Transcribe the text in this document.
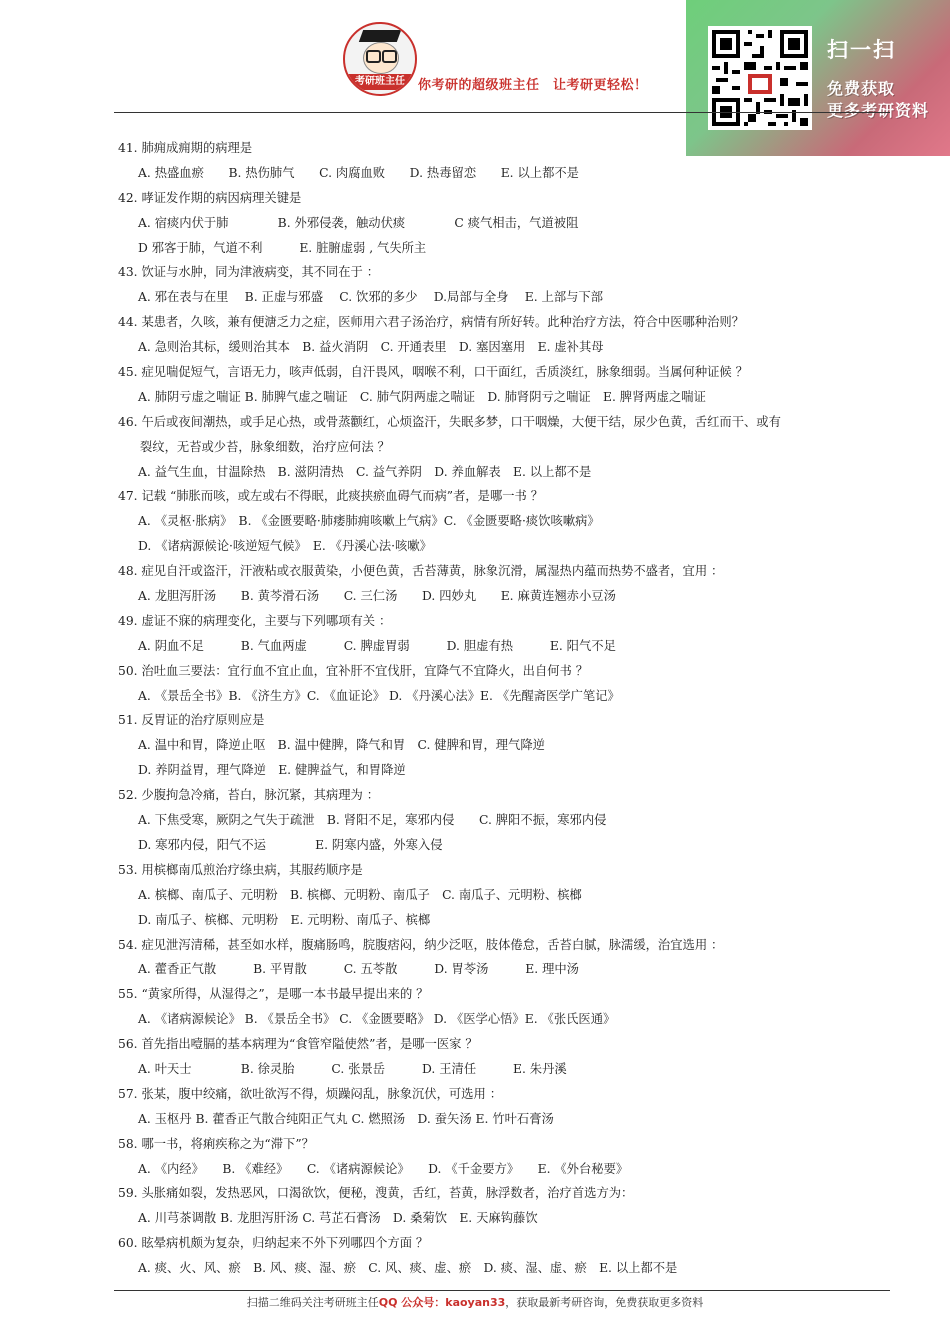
考研班主任	你考研的超级班主任　让考研更轻松！
扫一扫
免费获取
更多考研资料
41. 肺痈成痈期的病理是
A. 热盛血瘀　　B. 热伤肺气　　C. 肉腐血败　　D. 热毒留恋　　E. 以上都不是
42. 哮证发作期的病因病理关键是
A. 宿痰内伏于肺　　　　B. 外邪侵袭，触动伏痰　　　　C 痰气相击，气道被阻
D 邪客于肺，气道不利　　　E. 脏腑虚弱 , 气失所主
43. 饮证与水肿，同为津液病变，其不同在于 ：
A. 邪在表与在里　 B. 正虚与邪盛　 C. 饮邪的多少　 D.局部与全身　 E. 上部与下部
44. 某患者，久咳，兼有便溏乏力之症，医师用六君子汤治疗，病情有所好转。此种治疗方法，符合中医哪种治则？
A. 急则治其标，缓则治其本　B. 益火消阴　C. 开通表里　D. 塞因塞用　E. 虚补其母
45. 症见喘促短气，言语无力，咳声低弱，自汗畏风，咽喉不利，口干面红，舌质淡红，脉象细弱。当属何种证候 ？
A. 肺阴亏虚之喘证 B. 肺脾气虚之喘证　C. 肺气阴两虚之喘证　D. 肺肾阴亏之喘证　E. 脾肾两虚之喘证
46. 午后或夜间潮热，或手足心热，或骨蒸颧红，心烦盗汗，失眠多梦，口干咽燥，大便干结，尿少色黄，舌红而干、或有
裂纹，无苔或少苔，脉象细数，治疗应何法 ？
A. 益气生血，甘温除热　B. 滋阴清热　C. 益气养阴　D. 养血解表　E. 以上都不是
47. 记载 “肺胀而咳，或左或右不得眠，此痰挟瘀血碍气而病”者，是哪一书 ？
A. 《灵枢·胀病》　B. 《金匮要略·肺痿肺痈咳嗽上气病》C. 《金匮要略·痰饮咳嗽病》
D. 《诸病源候论·咳逆短气候》　E. 《丹溪心法·咳嗽》
48. 症见自汗或盗汗，汗液粘或衣服黄染，小便色黄，舌苔薄黄，脉象沉滑，属湿热内蕴而热势不盛者，宜用 ：
A. 龙胆泻肝汤　　B. 黄芩滑石汤　　C. 三仁汤　　D. 四妙丸　　E. 麻黄连翘赤小豆汤
49. 虚证不寐的病理变化，主要与下列哪项有关 ：
A. 阴血不足　　　B. 气血两虚　　　C. 脾虚胃弱　　　D. 胆虚有热　　　E. 阳气不足
50. 治吐血三要法：宜行血不宜止血，宜补肝不宜伐肝，宜降气不宜降火，出自何书 ？
A. 《景岳全书》B. 《济生方》C. 《血证论》 D. 《丹溪心法》E. 《先醒斋医学广笔记》
51. 反胃证的治疗原则应是
A. 温中和胃，降逆止呕　B. 温中健脾，降气和胃　C. 健脾和胃，理气降逆
D. 养阴益胃，理气降逆　E. 健脾益气，和胃降逆
52. 少腹拘急冷痛，苔白，脉沉紧，其病理为 ：
A. 下焦受寒，厥阴之气失于疏泄　B. 肾阳不足，寒邪内侵　　C. 脾阳不振，寒邪内侵
D. 寒邪内侵，阳气不运　　　　E. 阴寒内盛，外寒入侵
53. 用槟榔南瓜煎治疗绦虫病，其服药顺序是
A. 槟榔、南瓜子、元明粉　B. 槟榔、元明粉、南瓜子　C. 南瓜子、元明粉、槟榔
D. 南瓜子、槟榔、元明粉　E. 元明粉、南瓜子、槟榔
54. 症见泄泻清稀，甚至如水样，腹痛肠鸣，脘腹痞闷，纳少泛呕，肢体倦怠，舌苔白腻，脉濡缓，治宜选用 ：
A. 藿香正气散　　　B. 平胃散　　　C. 五苓散　　　D. 胃苓汤　　　E. 理中汤
55. “黄家所得，从湿得之”，是哪一本书最早提出来的 ？
A. 《诸病源候论》 B. 《景岳全书》 C. 《金匮要略》 D. 《医学心悟》E. 《张氏医通》
56. 首先指出噎膈的基本病理为“食管窄隘使然”者，是哪一医家 ？
A. 叶天士　　　　B. 徐灵胎　　　C. 张景岳　　　D. 王清任　　　E. 朱丹溪
57. 张某，腹中绞痛，欲吐欲泻不得，烦躁闷乱，脉象沉伏，可选用 ：
A. 玉枢丹 B. 藿香正气散合纯阳正气丸 C. 燃照汤　D. 蚕矢汤 E. 竹叶石膏汤
58. 哪一书，将痢疾称之为“滞下”？
A. 《内经》　　B. 《难经》　　C. 《诸病源候论》　　D. 《千金要方》　　E. 《外台秘要》
59. 头胀痛如裂，发热恶风，口渴欲饮，便秘，溲黄，舌红，苔黄，脉浮数者，治疗首选方为：
A. 川芎茶调散 B. 龙胆泻肝汤 C. 芎芷石膏汤　D. 桑菊饮　E. 天麻钩藤饮
60. 眩晕病机颇为复杂，归纳起来不外下列哪四个方面 ？
A. 痰、火、风、瘀　B. 风、痰、湿、瘀　C. 风、痰、虚、瘀　D. 痰、湿、虚、瘀　E. 以上都不是
扫描二维码关注考研班主任QQ 公众号：kaoyan33，获取最新考研咨询，免费获取更多资料
